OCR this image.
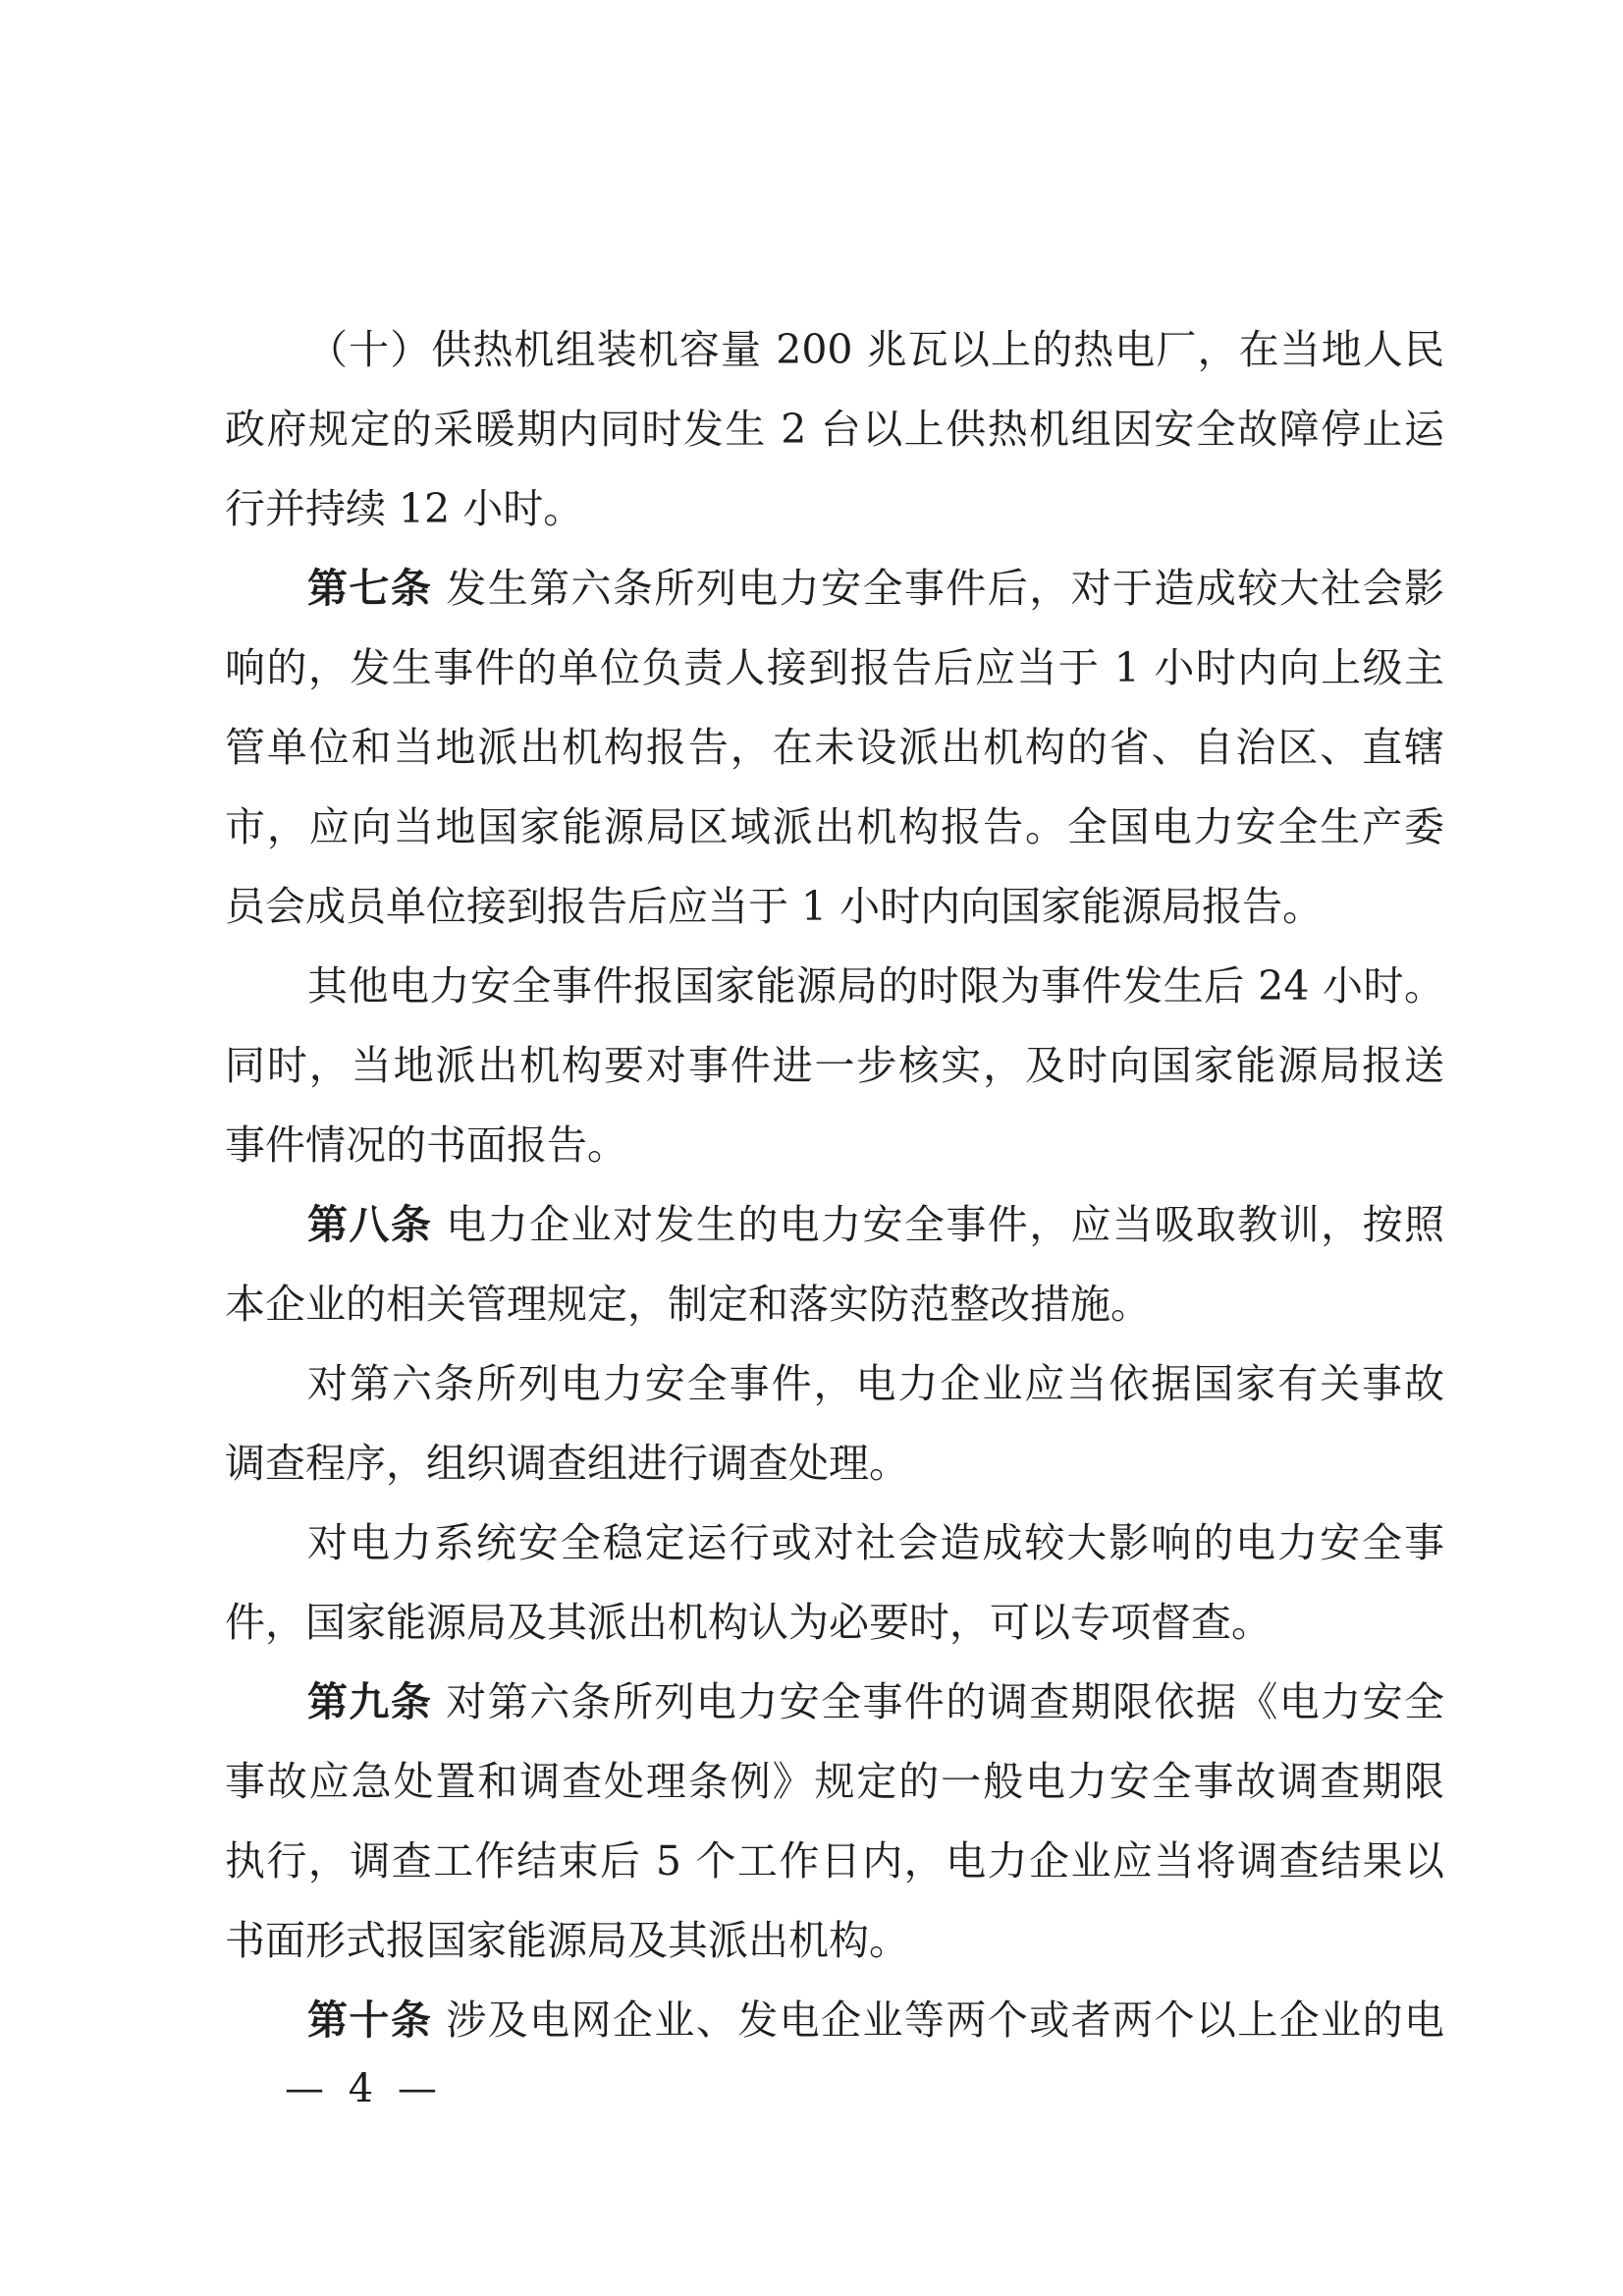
（十）供热机组装机容量 200 兆瓦以上的热电厂，在当地人民
政府规定的采暖期内同时发生 2 台以上供热机组因安全故障停止运
行并持续 12 小时。
第七条 发生第六条所列电力安全事件后，对于造成较大社会影
响的，发生事件的单位负责人接到报告后应当于 1 小时内向上级主
管单位和当地派出机构报告，在未设派出机构的省、自治区、直辖
市，应向当地国家能源局区域派出机构报告。全国电力安全生产委
员会成员单位接到报告后应当于 1 小时内向国家能源局报告。
其他电力安全事件报国家能源局的时限为事件发生后 24 小时。
同时，当地派出机构要对事件进一步核实，及时向国家能源局报送
事件情况的书面报告。
第八条 电力企业对发生的电力安全事件，应当吸取教训，按照
本企业的相关管理规定，制定和落实防范整改措施。
对第六条所列电力安全事件，电力企业应当依据国家有关事故
调查程序，组织调查组进行调查处理。
对电力系统安全稳定运行或对社会造成较大影响的电力安全事
件，国家能源局及其派出机构认为必要时，可以专项督查。
第九条 对第六条所列电力安全事件的调查期限依据《电力安全
事故应急处置和调查处理条例》规定的一般电力安全事故调查期限
执行，调查工作结束后 5 个工作日内，电力企业应当将调查结果以
书面形式报国家能源局及其派出机构。
第十条 涉及电网企业、发电企业等两个或者两个以上企业的电
— 4 —
